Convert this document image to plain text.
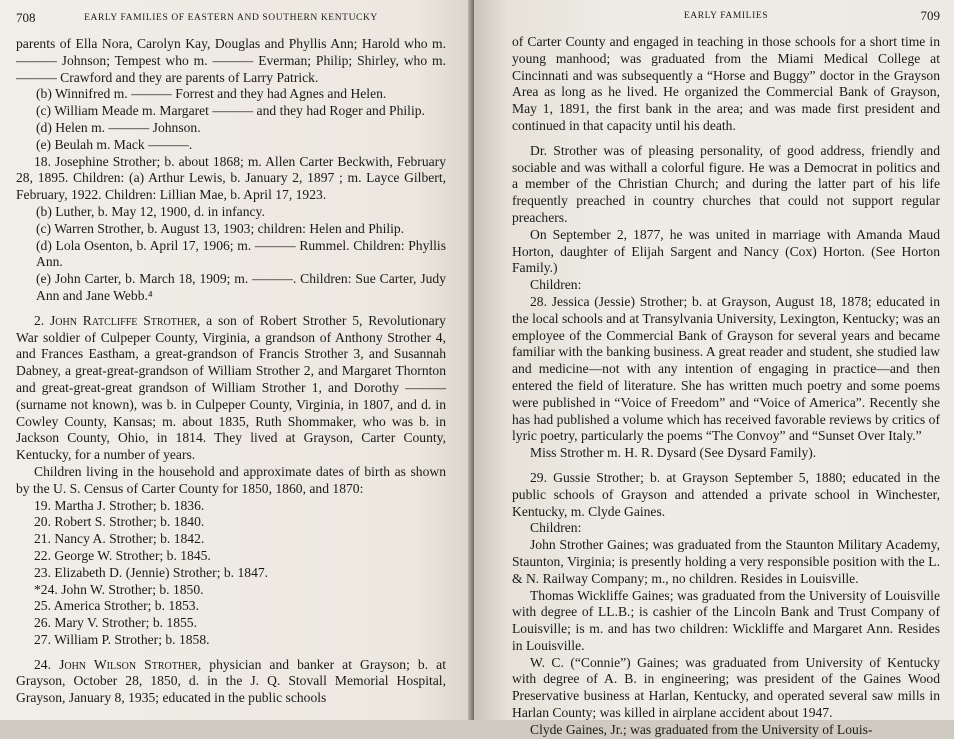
708	EARLY FAMILIES OF EASTERN AND SOUTHERN KENTUCKY

parents of Ella Nora, Carolyn Kay, Douglas and Phyllis Ann; Harold who m. ——— Johnson; Tempest who m. ——— Everman; Philip; Shirley, who m. ——— Crawford and they are parents of Larry Patrick.

(b) Winnifred m. ——— Forrest and they had Agnes and Helen.

(c) William Meade m. Margaret ——— and they had Roger and Philip.

(d) Helen m. ——— Johnson.

(e) Beulah m. Mack ———.

18. Josephine Strother; b. about 1868; m. Allen Carter Beckwith, February 28, 1895. Children: (a) Arthur Lewis, b. January 2, 1897 ; m. Layce Gilbert, February, 1922. Children: Lillian Mae, b. April 17, 1923.

(b) Luther, b. May 12, 1900, d. in infancy.

(c) Warren Strother, b. August 13, 1903; children: Helen and Philip.

(d) Lola Osenton, b. April 17, 1906; m. ——— Rummel. Children: Phyllis Ann.

(e) John Carter, b. March 18, 1909; m. ———. Children: Sue Carter, Judy Ann and Jane Webb.⁴

2. John Ratcliffe Strother, a son of Robert Strother 5, Revolutionary War soldier of Culpeper County, Virginia, a grandson of Anthony Strother 4, and Frances Eastham, a great-grandson of Francis Strother 3, and Susannah Dabney, a great-great-grandson of William Strother 2, and Margaret Thornton and great-great-great grandson of William Strother 1, and Dorothy ——— (surname not known), was b. in Culpeper County, Virginia, in 1807, and d. in Cowley County, Kansas; m. about 1835, Ruth Shommaker, who was b. in Jackson County, Ohio, in 1814. They lived at Grayson, Carter County, Kentucky, for a number of years.

Children living in the household and approximate dates of birth as shown by the U. S. Census of Carter County for 1850, 1860, and 1870:

19. Martha J. Strother; b. 1836.

20. Robert S. Strother; b. 1840.

21. Nancy A. Strother; b. 1842.

22. George W. Strother; b. 1845.

23. Elizabeth D. (Jennie) Strother; b. 1847.

*24. John W. Strother; b. 1850.

25. America Strother; b. 1853.

26. Mary V. Strother; b. 1855.

27. William P. Strother; b. 1858.

24. John Wilson Strother, physician and banker at Grayson; b. at Grayson, October 28, 1850, d. in the J. Q. Stovall Memorial Hospital, Grayson, January 8, 1935; educated in the public schools

EARLY FAMILIES	709

of Carter County and engaged in teaching in those schools for a short time in young manhood; was graduated from the Miami Medical College at Cincinnati and was subsequently a “Horse and Buggy” doctor in the Grayson Area as long as he lived. He organized the Commercial Bank of Grayson, May 1, 1891, the first bank in the area; and was made first president and continued in that capacity until his death.

Dr. Strother was of pleasing personality, of good address, friendly and sociable and was withall a colorful figure. He was a Democrat in politics and a member of the Christian Church; and during the latter part of his life frequently preached in country churches that could not support regular preachers.

On September 2, 1877, he was united in marriage with Amanda Maud Horton, daughter of Elijah Sargent and Nancy (Cox) Horton. (See Horton Family.)

Children:

28. Jessica (Jessie) Strother; b. at Grayson, August 18, 1878; educated in the local schools and at Transylvania University, Lexington, Kentucky; was an employee of the Commercial Bank of Grayson for several years and became familiar with the banking business. A great reader and student, she studied law and medicine—not with any intention of engaging in practice—and then entered the field of literature. She has written much poetry and some poems were published in “Voice of Freedom” and “Voice of America”. Recently she has had published a volume which has received favorable reviews by critics of lyric poetry, particularly the poems “The Convoy” and “Sunset Over Italy.”

Miss Strother m. H. R. Dysard (See Dysard Family).

29. Gussie Strother; b. at Grayson September 5, 1880; educated in the public schools of Grayson and attended a private school in Winchester, Kentucky, m. Clyde Gaines.

Children:

John Strother Gaines; was graduated from the Staunton Military Academy, Staunton, Virginia; is presently holding a very responsible position with the L. & N. Railway Company; m., no children. Resides in Louisville.

Thomas Wickliffe Gaines; was graduated from the University of Louisville with degree of LL.B.; is cashier of the Lincoln Bank and Trust Company of Louisville; is m. and has two children: Wickliffe and Margaret Ann. Resides in Louisville.

W. C. (“Connie”) Gaines; was graduated from University of Kentucky with degree of A. B. in engineering; was president of the Gaines Wood Preservative business at Harlan, Kentucky, and operated several saw mills in Harlan County; was killed in airplane accident about 1947.

Clyde Gaines, Jr.; was graduated from the University of Louis-
